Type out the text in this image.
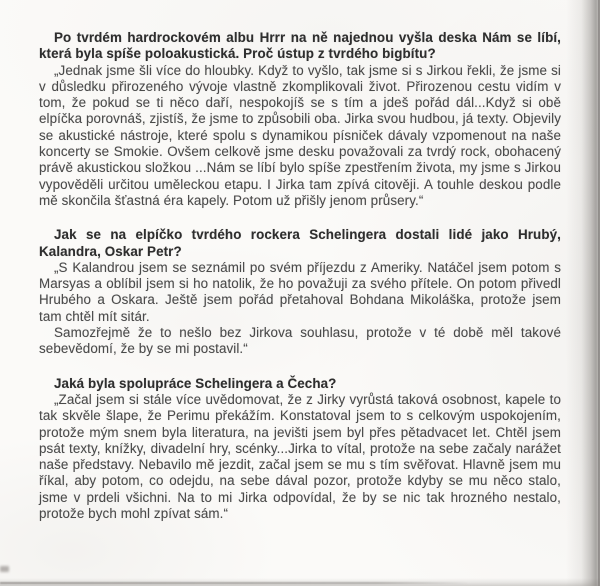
Po tvrdém hardrockovém albu Hrrr na ně najednou vyšla deska Nám se líbí, která byla spíše poloakustická. Proč ústup z tvrdého bigbítu?

„Jednak jsme šli více do hloubky. Když to vyšlo, tak jsme si s Jirkou řekli, že jsme si v důsledku přirozeného vývoje vlastně zkomplikovali život. Přirozenou cestu vidím v tom, že pokud se ti něco daří, nespokojíš se s tím a jdeš pořád dál...Když si obě elpíčka porovnáš, zjistíš, že jsme to způsobili oba. Jirka svou hudbou, já texty. Objevily se akustické nástroje, které spolu s dynamikou písniček dávaly vzpomenout na naše koncerty se Smokie. Ovšem celkově jsme desku považovali za tvrdý rock, obohacený právě akustickou složkou ...Nám se líbí bylo spíše zpestřením života, my jsme s Jirkou vypověděli určitou uměleckou etapu. I Jirka tam zpívá citověji. A touhle deskou podle mě skončila šťastná éra kapely. Potom už přišly jenom průsery.“

Jak se na elpíčko tvrdého rockera Schelingera dostali lidé jako Hrubý, Kalandra, Oskar Petr?

„S Kalandrou jsem se seznámil po svém příjezdu z Ameriky. Natáčel jsem potom s Marsyas a oblíbil jsem si ho natolik, že ho považuji za svého přítele. On potom přivedl Hrubého a Oskara. Ještě jsem pořád přetahoval Bohdana Mikoláška, protože jsem tam chtěl mít sitár.

Samozřejmě že to nešlo bez Jirkova souhlasu, protože v té době měl takové sebevědomí, že by se mi postavil.“

Jaká byla spolupráce Schelingera a Čecha?

„Začal jsem si stále více uvědomovat, že z Jirky vyrůstá taková osobnost, kapele to tak skvěle šlape, že Perimu překážím. Konstatoval jsem to s celkovým uspokojením, protože mým snem byla literatura, na jevišti jsem byl přes pětadvacet let. Chtěl jsem psát texty, knížky, divadelní hry, scénky...Jirka to vítal, protože na sebe začaly narážet naše představy. Nebavilo mě jezdit, začal jsem se mu s tím svěřovat. Hlavně jsem mu říkal, aby potom, co odejdu, na sebe dával pozor, protože kdyby se mu něco stalo, jsme v prdeli všichni. Na to mi Jirka odpovídal, že by se nic tak hrozného nestalo, protože bych mohl zpívat sám.“
